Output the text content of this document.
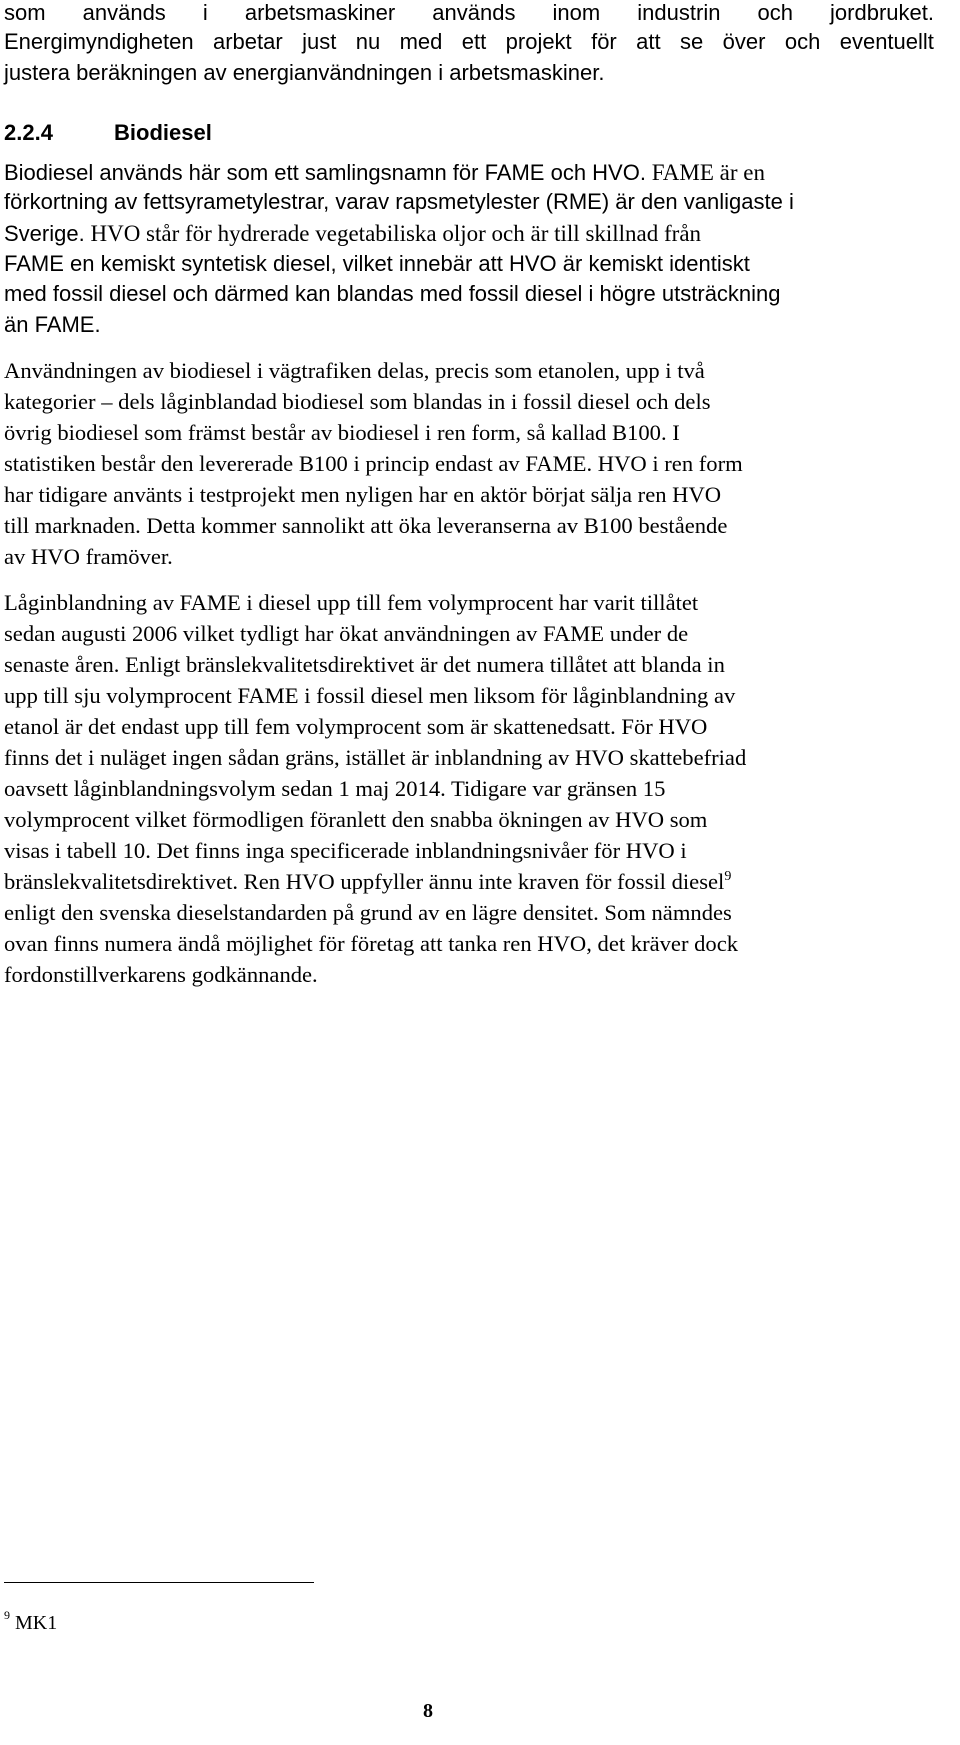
som används i arbetsmaskiner används inom industrin och jordbruket.
Energimyndigheten arbetar just nu med ett projekt för att se över och eventuellt
justera beräkningen av energianvändningen i arbetsmaskiner.
2.2.4	Biodiesel
Biodiesel används här som ett samlingsnamn för FAME och HVO. FAME är en
förkortning av fettsyrametylestrar, varav rapsmetylester (RME) är den vanligaste i
Sverige. HVO står för hydrerade vegetabiliska oljor och är till skillnad från
FAME en kemiskt syntetisk diesel, vilket innebär att HVO är kemiskt identiskt
med fossil diesel och därmed kan blandas med fossil diesel i högre utsträckning
än FAME.
Användningen av biodiesel i vägtrafiken delas, precis som etanolen, upp i två
kategorier – dels låginblandad biodiesel som blandas in i fossil diesel och dels
övrig biodiesel som främst består av biodiesel i ren form, så kallad B100. I
statistiken består den levererade B100 i princip endast av FAME. HVO i ren form
har tidigare använts i testprojekt men nyligen har en aktör börjat sälja ren HVO
till marknaden. Detta kommer sannolikt att öka leveranserna av B100 bestående
av HVO framöver.
Låginblandning av FAME i diesel upp till fem volymprocent har varit tillåtet
sedan augusti 2006 vilket tydligt har ökat användningen av FAME under de
senaste åren. Enligt bränslekvalitetsdirektivet är det numera tillåtet att blanda in
upp till sju volymprocent FAME i fossil diesel men liksom för låginblandning av
etanol är det endast upp till fem volymprocent som är skattenedsatt. För HVO
finns det i nuläget ingen sådan gräns, istället är inblandning av HVO skattebefriad
oavsett låginblandningsvolym sedan 1 maj 2014. Tidigare var gränsen 15
volymprocent vilket förmodligen föranlett den snabba ökningen av HVO som
visas i tabell 10. Det finns inga specificerade inblandningsnivåer för HVO i
bränslekvalitetsdirektivet. Ren HVO uppfyller ännu inte kraven för fossil diesel$^9$
enligt den svenska dieselstandarden på grund av en lägre densitet. Som nämndes
ovan finns numera ändå möjlighet för företag att tanka ren HVO, det kräver dock
fordonstillverkarens godkännande.
$^9$ MK1
8
